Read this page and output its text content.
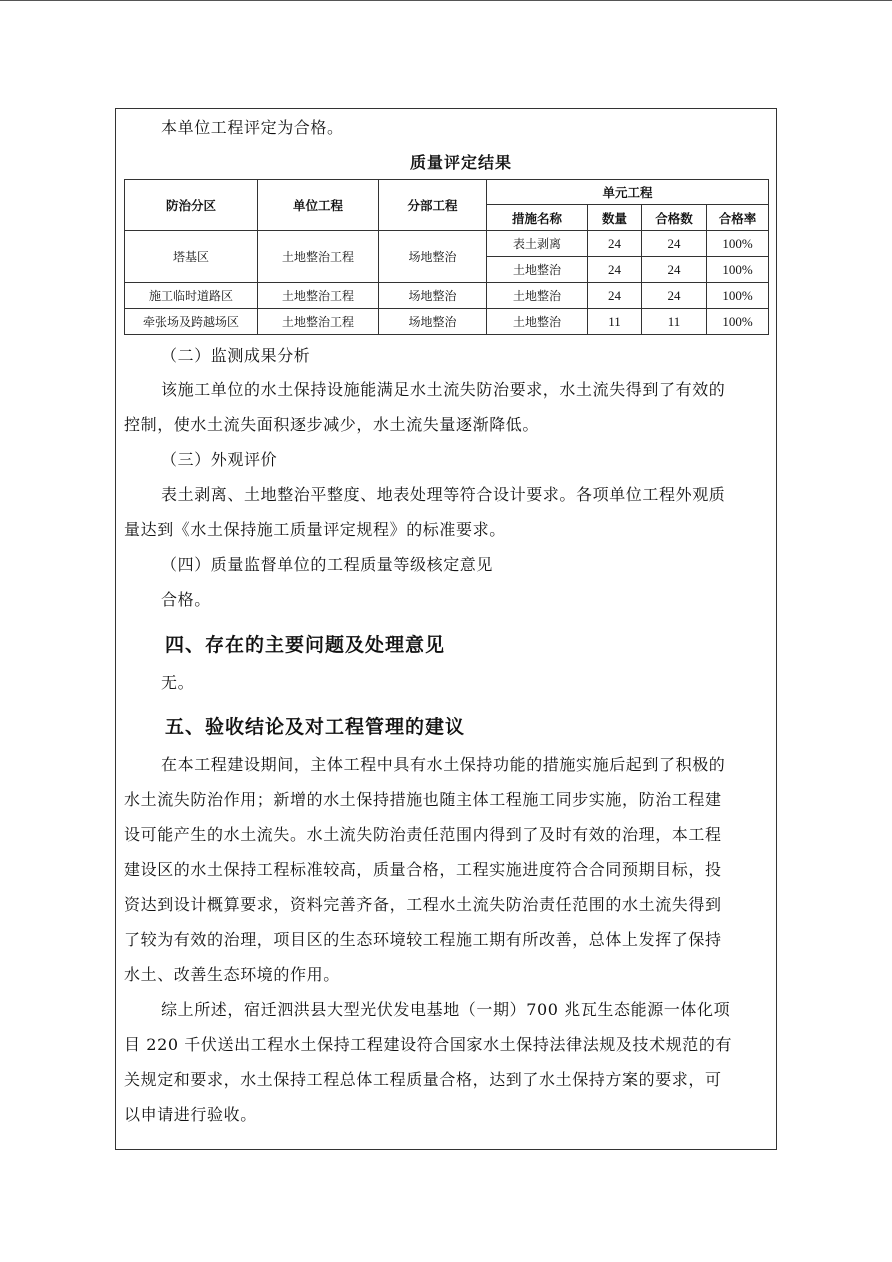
本单位工程评定为合格。
质量评定结果
防治分区	单位工程	分部工程	单元工程			
			措施名称	数量	合格数	合格率
塔基区	土地整治工程	场地整治	表土剥离	24	24	100%
			土地整治	24	24	100%
施工临时道路区	土地整治工程	场地整治	土地整治	24	24	100%
牵张场及跨越场区	土地整治工程	场地整治	土地整治	11	11	100%
（二）监测成果分析
该施工单位的水土保持设施能满足水土流失防治要求，水土流失得到了有效的
控制，使水土流失面积逐步减少，水土流失量逐渐降低。
（三）外观评价
表土剥离、土地整治平整度、地表处理等符合设计要求。各项单位工程外观质
量达到《水土保持施工质量评定规程》的标准要求。
（四）质量监督单位的工程质量等级核定意见
合格。
四、存在的主要问题及处理意见
无。
五、验收结论及对工程管理的建议
在本工程建设期间，主体工程中具有水土保持功能的措施实施后起到了积极的
水土流失防治作用；新增的水土保持措施也随主体工程施工同步实施，防治工程建
设可能产生的水土流失。水土流失防治责任范围内得到了及时有效的治理，本工程
建设区的水土保持工程标准较高，质量合格，工程实施进度符合合同预期目标，投
资达到设计概算要求，资料完善齐备，工程水土流失防治责任范围的水土流失得到
了较为有效的治理，项目区的生态环境较工程施工期有所改善，总体上发挥了保持
水土、改善生态环境的作用。
综上所述，宿迁泗洪县大型光伏发电基地（一期）700 兆瓦生态能源一体化项
目 220 千伏送出工程水土保持工程建设符合国家水土保持法律法规及技术规范的有
关规定和要求，水土保持工程总体工程质量合格，达到了水土保持方案的要求，可
以申请进行验收。
